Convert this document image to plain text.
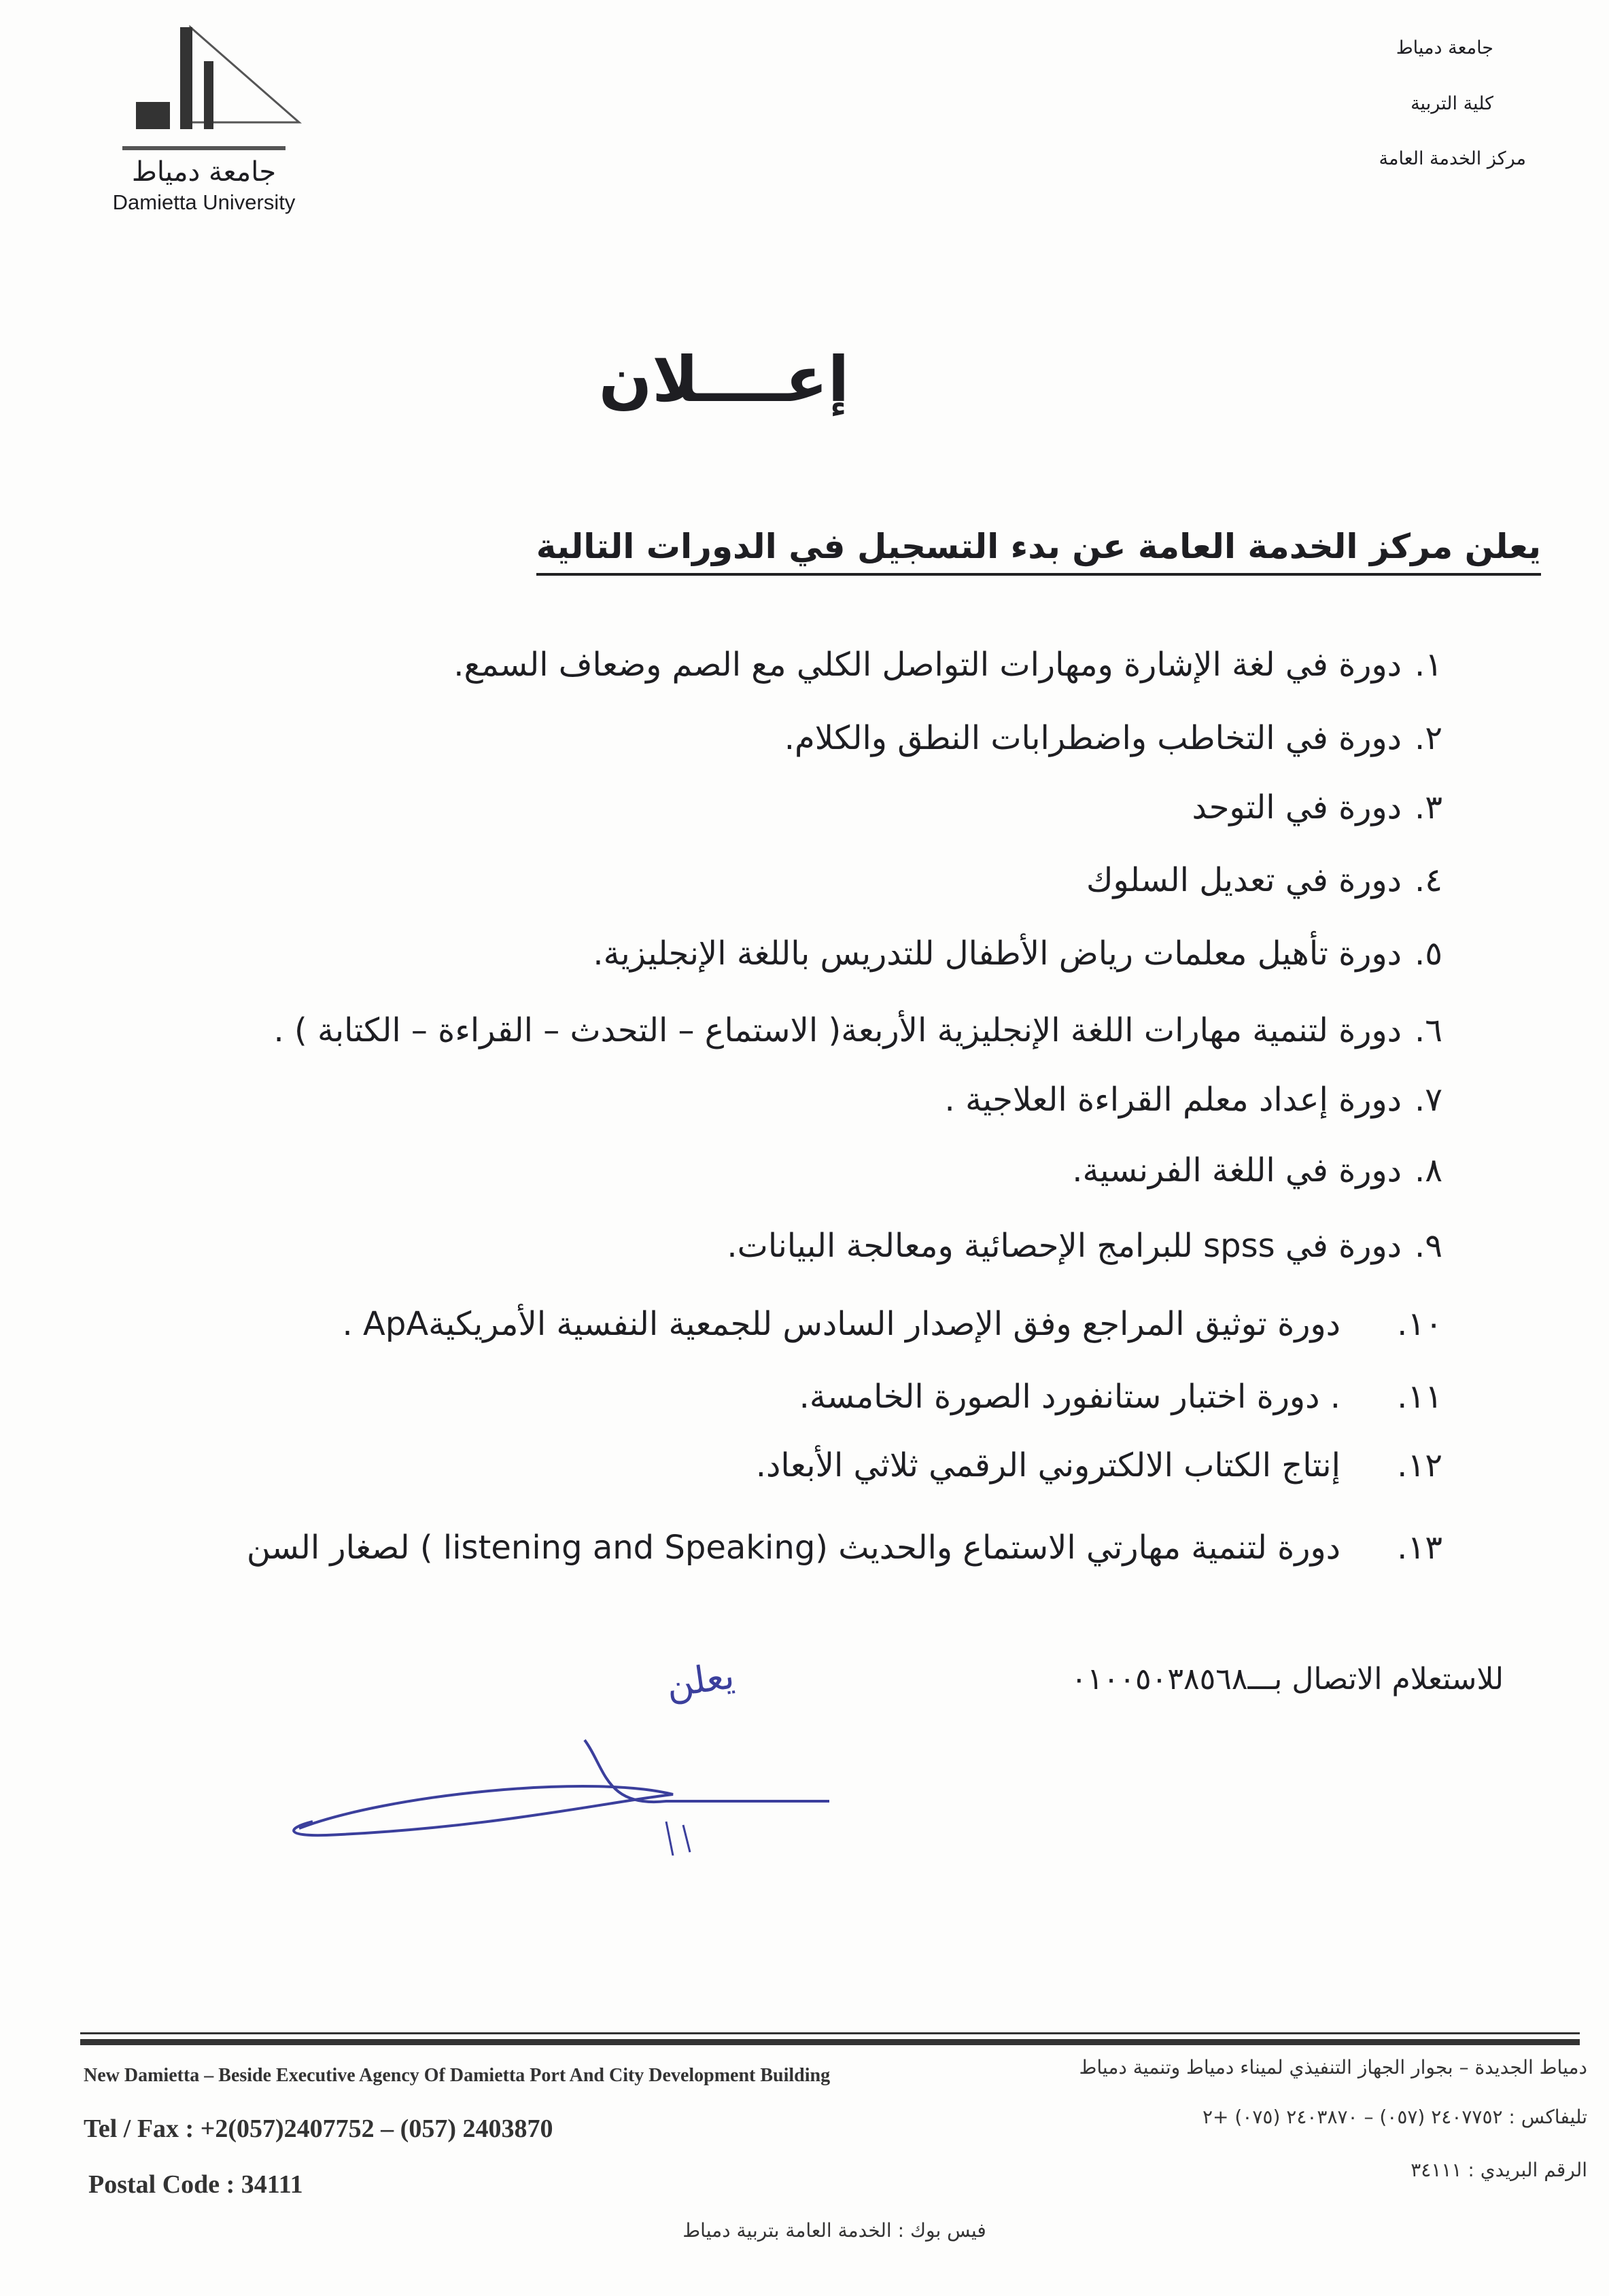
جامعة دمياط
Damietta University
جامعة دمياط
كلية التربية
مركز الخدمة العامة
إعــــلان
يعلن مركز الخدمة العامة عن بدء التسجيل في الدورات التالية
١.دورة في لغة الإشارة ومهارات التواصل الكلي مع الصم وضعاف السمع.
٢.دورة في التخاطب واضطرابات النطق والكلام.
٣.دورة في التوحد
٤.دورة في تعديل السلوك
٥.دورة تأهيل معلمات رياض الأطفال للتدريس باللغة الإنجليزية.
٦.دورة لتنمية مهارات اللغة الإنجليزية الأربعة( الاستماع – التحدث – القراءة – الكتابة ) .
٧.دورة إعداد معلم القراءة العلاجية .
٨.دورة في اللغة الفرنسية.
٩.دورة في spss للبرامج الإحصائية ومعالجة البيانات.
١٠.دورة توثيق المراجع وفق الإصدار السادس للجمعية النفسية الأمريكيةApA .
١١.. دورة اختبار ستانفورد الصورة الخامسة.
١٢.إنتاج الكتاب الالكتروني الرقمي ثلاثي الأبعاد.
١٣.دورة لتنمية مهارتي الاستماع والحديث (listening and Speaking ) لصغار السن
للاستعلام الاتصال بـــ٠١٠٠٥٠٣٨٥٦٨
يعلن
New Damietta – Beside Executive Agency Of Damietta Port And City Development Building
Tel / Fax : +2(057)2407752 – (057) 2403870
Postal Code : 34111
دمياط الجديدة – بجوار الجهاز التنفيذي لميناء دمياط وتنمية دمياط
تليفاكس : ٢٤٠٧٧٥٢ (٠٥٧) – ٢٤٠٣٨٧٠ (٠٧٥) +٢
الرقم البريدي : ٣٤١١١
فيس بوك : الخدمة العامة بتربية دمياط
